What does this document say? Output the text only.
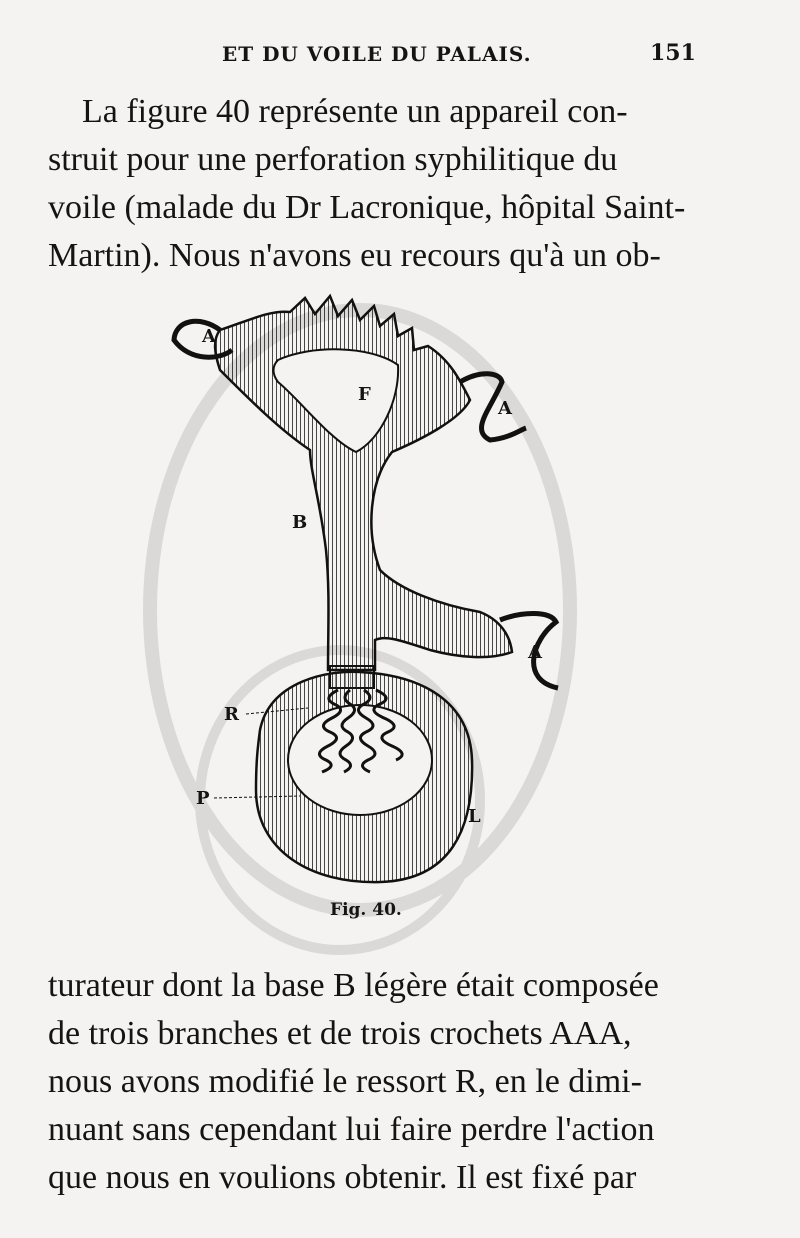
ET DU VOILE DU PALAIS.	151
La figure 40 représente un appareil con-
struit pour une perforation syphilitique du
voile (malade du Dr Lacronique, hôpital Saint-
Martin). Nous n'avons eu recours qu'à un ob-
A
F
A
B
A
R
P
L
Fig. 40.
turateur dont la base B légère était composée
de trois branches et de trois crochets AAA,
nous avons modifié le ressort R, en le dimi-
nuant sans cependant lui faire perdre l'action
que nous en voulions obtenir. Il est fixé par
